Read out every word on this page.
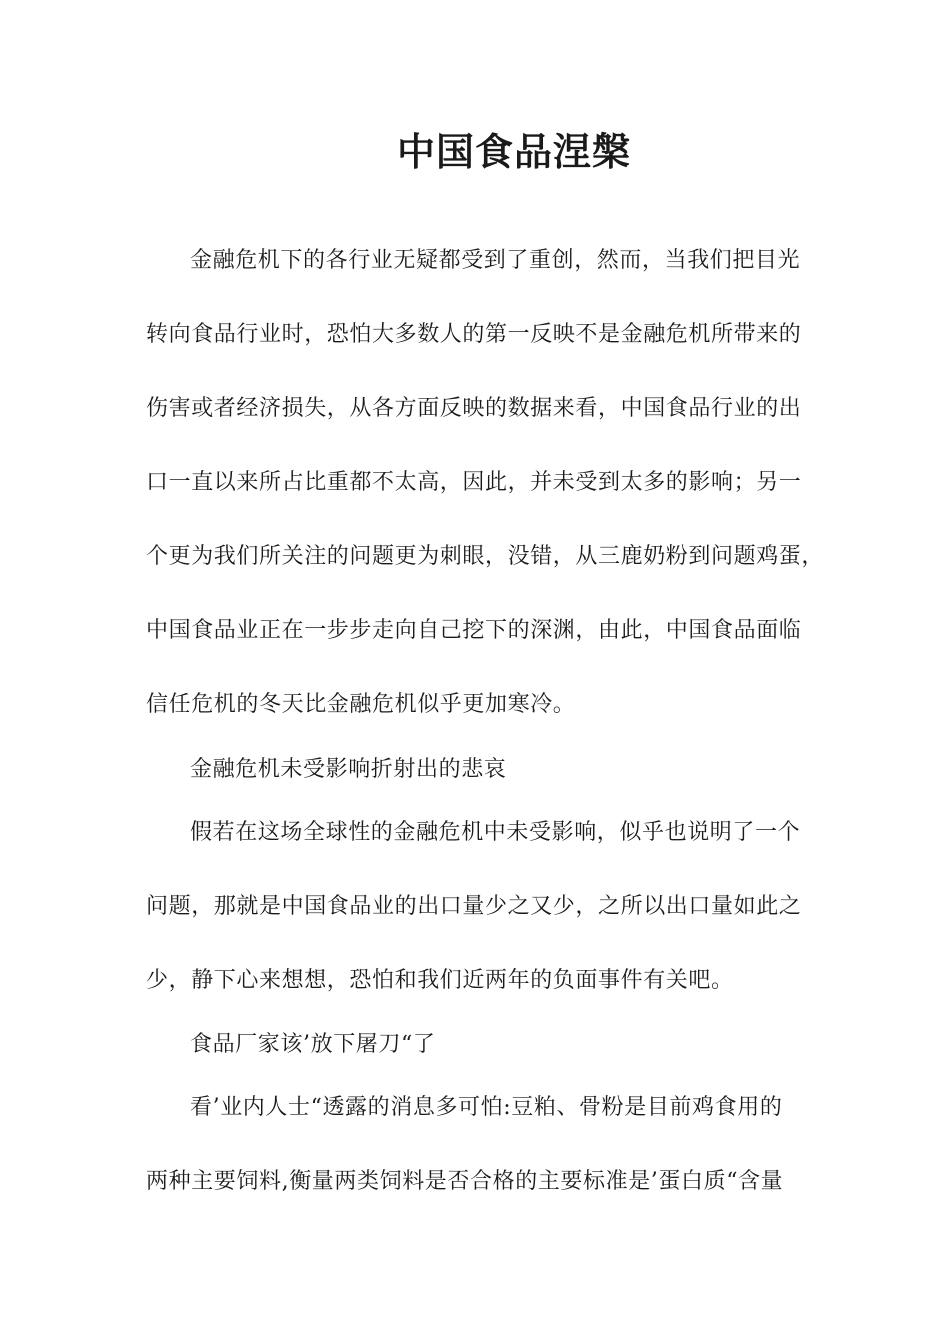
中国食品涅槃
金融危机下的各行业无疑都受到了重创，然而，当我们把目光
转向食品行业时，恐怕大多数人的第一反映不是金融危机所带来的
伤害或者经济损失，从各方面反映的数据来看，中国食品行业的出
口一直以来所占比重都不太高，因此，并未受到太多的影响；另一
个更为我们所关注的问题更为刺眼，没错，从三鹿奶粉到问题鸡蛋，
中国食品业正在一步步走向自己挖下的深渊，由此，中国食品面临
信任危机的冬天比金融危机似乎更加寒冷。
金融危机未受影响折射出的悲哀
假若在这场全球性的金融危机中未受影响，似乎也说明了一个
问题，那就是中国食品业的出口量少之又少，之所以出口量如此之
少，静下心来想想，恐怕和我们近两年的负面事件有关吧。
食品厂家该’放下屠刀“了
看’业内人士“透露的消息多可怕:豆粕、骨粉是目前鸡食用的
两种主要饲料,衡量两类饲料是否合格的主要标准是’蛋白质“含量
